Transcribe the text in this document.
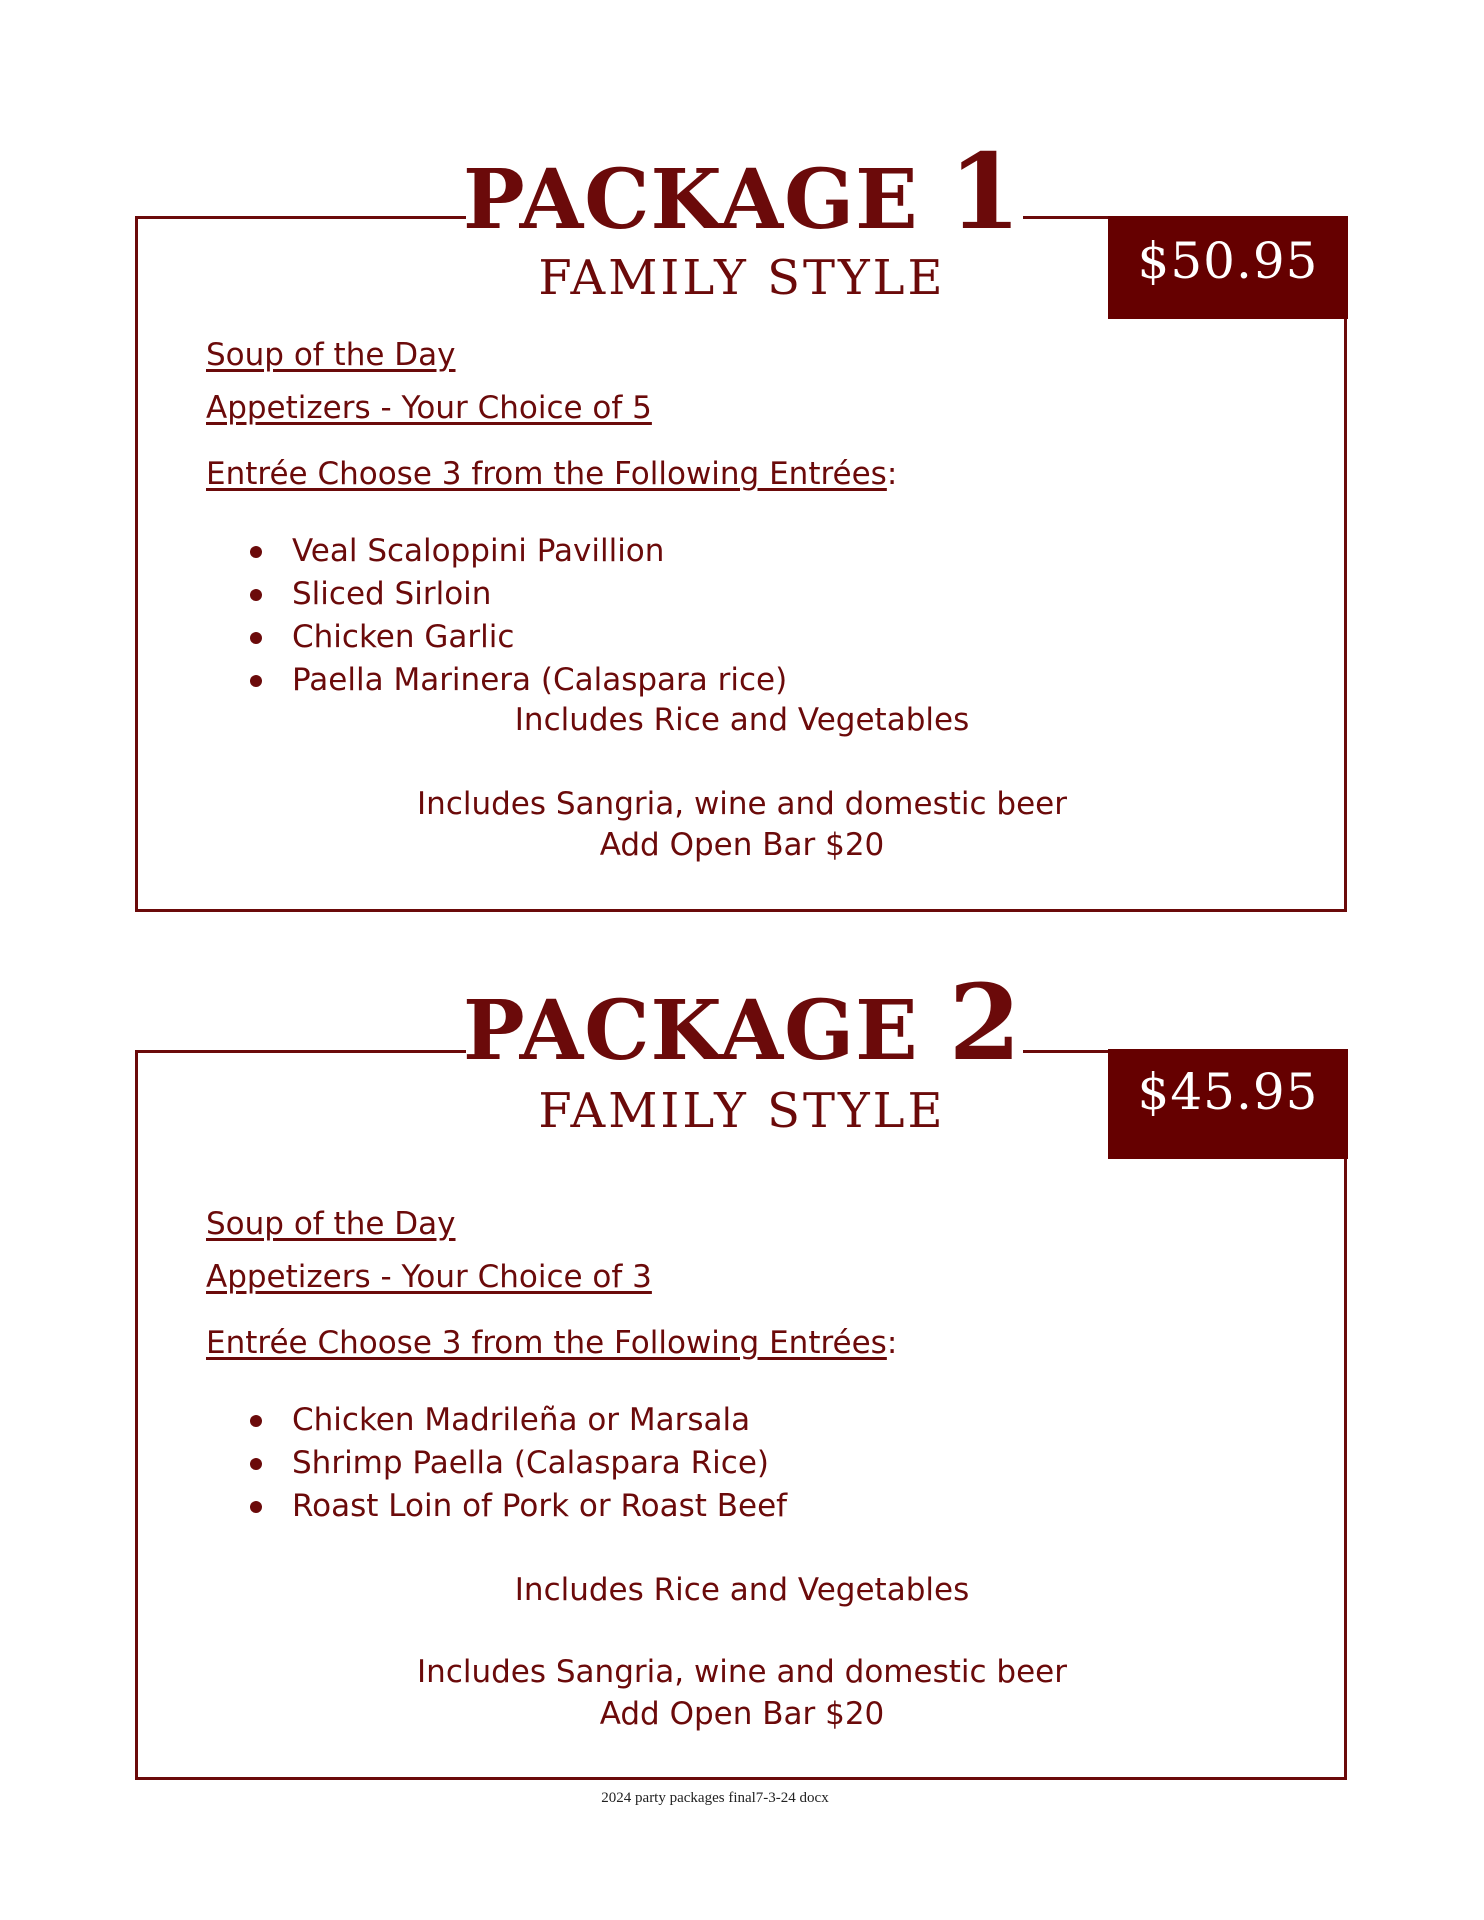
PACKAGE 1
FAMILY STYLE	$50.95
Soup of the Day
Appetizers - Your Choice of 5
Entrée Choose 3 from the Following Entrées:
Veal Scaloppini Pavillion
Sliced Sirloin
Chicken Garlic
Paella Marinera (Calaspara rice)
Includes Rice and Vegetables
Includes Sangria, wine and domestic beer
Add Open Bar $20
PACKAGE 2
FAMILY STYLE	$45.95
Soup of the Day
Appetizers - Your Choice of 3
Entrée Choose 3 from the Following Entrées:
Chicken Madrileña or Marsala
Shrimp Paella (Calaspara Rice)
Roast Loin of Pork or Roast Beef
Includes Rice and Vegetables
Includes Sangria, wine and domestic beer
Add Open Bar $20
2024 party packages final7-3-24 docx
